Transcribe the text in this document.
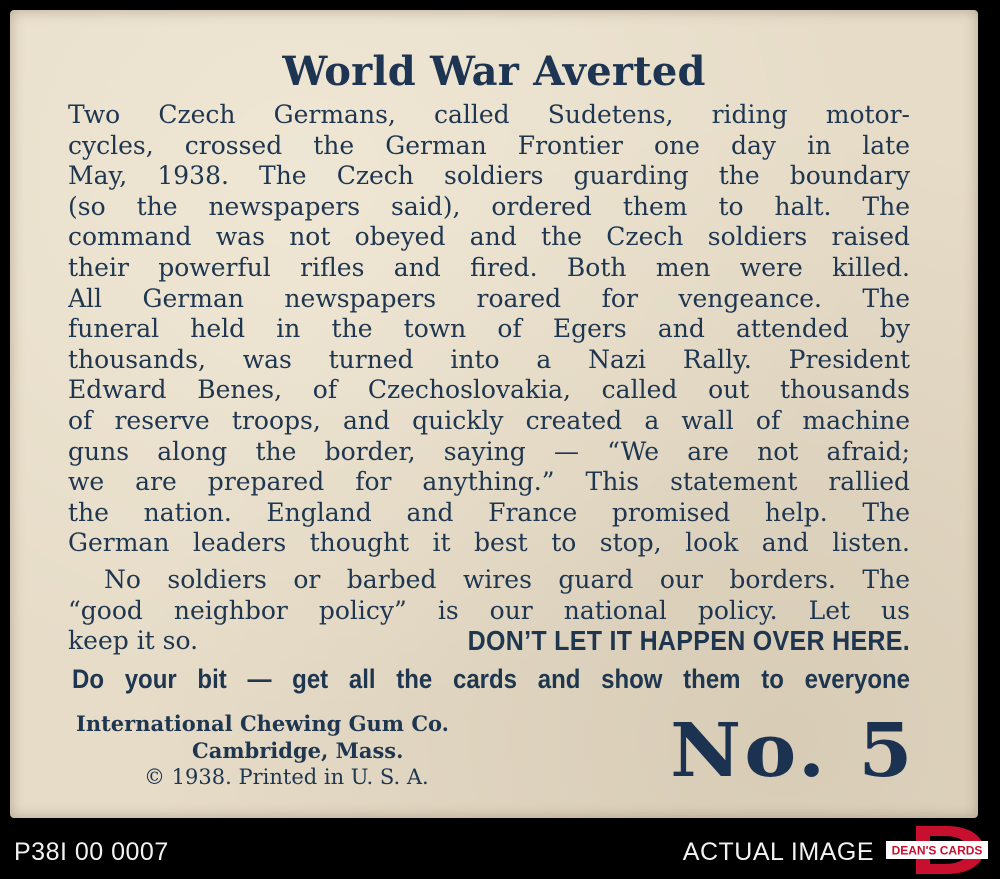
World War Averted
Two Czech Germans, called Sudetens, riding motor-
cycles, crossed the German Frontier one day in late
May, 1938. The Czech soldiers guarding the boundary
(so the newspapers said), ordered them to halt. The
command was not obeyed and the Czech soldiers raised
their powerful rifles and fired. Both men were killed.
All German newspapers roared for vengeance. The
funeral held in the town of Egers and attended by
thousands, was turned into a Nazi Rally. President
Edward Benes, of Czechoslovakia, called out thousands
of reserve troops, and quickly created a wall of machine
guns along the border, saying — “We are not afraid;
we are prepared for anything.” This statement rallied
the nation. England and France promised help. The
German leaders thought it best to stop, look and listen.
No soldiers or barbed wires guard our borders. The
“good neighbor policy” is our national policy. Let us
keep it so.	DON’T LET IT HAPPEN OVER HERE.
Do your bit — get all the cards and show them to everyone
International Chewing Gum Co.
Cambridge, Mass.
© 1938. Printed in U. S. A.	No. 5
P38I 00 0007	ACTUAL IMAGE DEAN'S CARDS
